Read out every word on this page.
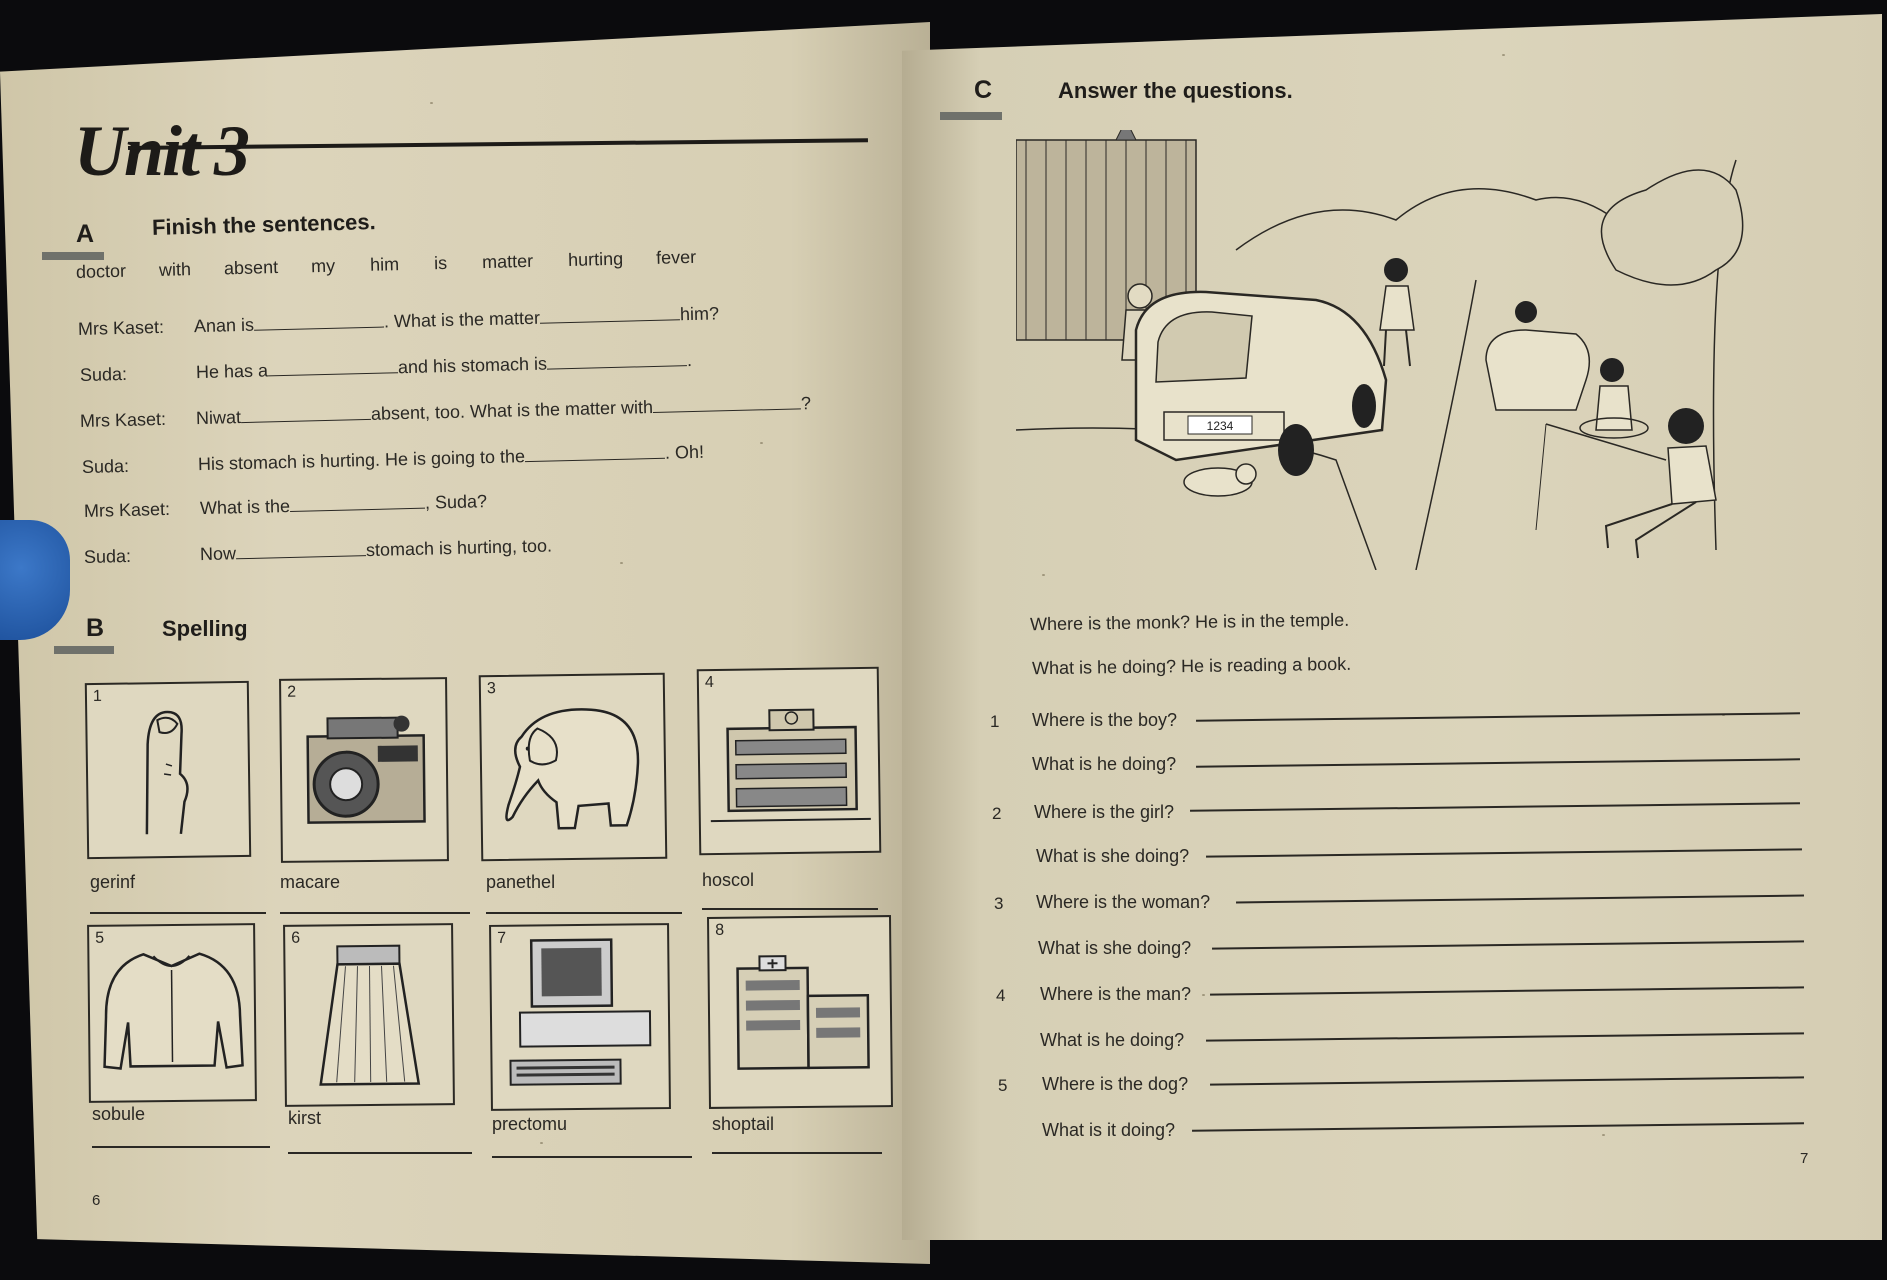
Unit 3
A	Finish the sentences.
doctor with absent my him is matter hurting fever
Mrs Kaset: Anan is	. What is the matter	him?
Suda:	He has a	and his stomach is	.
Mrs Kaset: Niwat	absent, too. What is the matter with	?
Suda:	His stomach is hurting. He is going to the	. Oh!
Mrs Kaset: What is the	, Suda?
Suda:	Now	stomach is hurting, too.
B	Spelling
1	2	3	4
gerinf	macare	panethel	hoscol
5	6	7	8
sobule	kirst	prectomu	shoptail
6
C	Answer the questions.
1234
Where is the monk? He is in the temple.
What is he doing? He is reading a book.
1 Where is the boy?
What is he doing?
2 Where is the girl?
What is she doing?
3 Where is the woman?
What is she doing?
4 Where is the man?
What is he doing?
5 Where is the dog?
What is it doing?
7
